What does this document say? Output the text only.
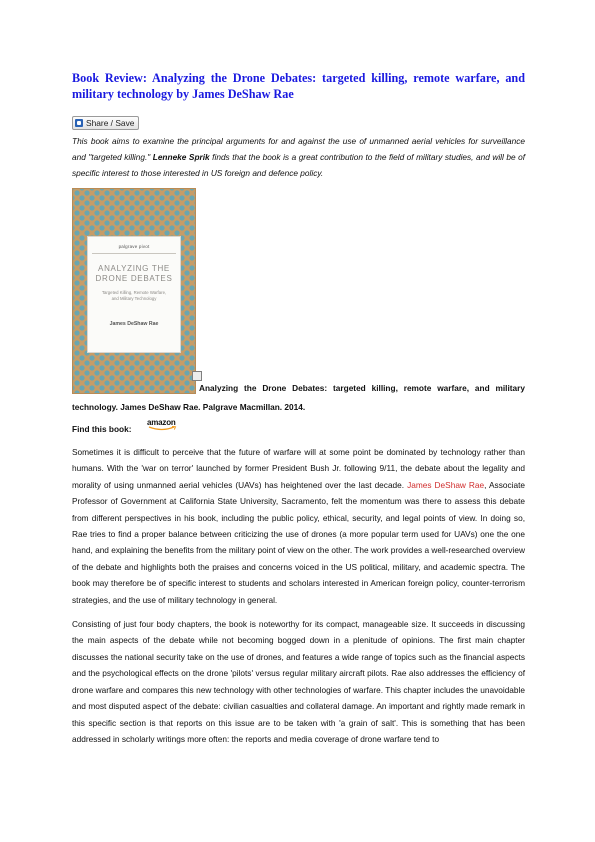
Book Review: Analyzing the Drone Debates: targeted killing, remote warfare, and military technology by James DeShaw Rae
Share / Save

This book aims to examine the principal arguments for and against the use of unmanned aerial vehicles for surveillance and "targeted killing." Lenneke Sprik finds that the book is a great contribution to the field of military studies, and will be of specific interest to those interested in US foreign and defence policy.

palgrave pivot
ANALYZING THE DRONE DEBATES
Targeted Killing, Remote Warfare, and Military Technology
James DeShaw Rae
Analyzing the Drone Debates: targeted killing, remote warfare, and military technology. James DeShaw Rae. Palgrave Macmillan. 2014.
Find this book:
amazon

Sometimes it is difficult to perceive that the future of warfare will at some point be dominated by technology rather than humans. With the 'war on terror' launched by former President Bush Jr. following 9/11, the debate about the legality and morality of using unmanned aerial vehicles (UAVs) has heightened over the last decade. James DeShaw Rae, Associate Professor of Government at California State University, Sacramento, felt the momentum was there to assess this debate from different perspectives in his book, including the public policy, ethical, security, and legal points of view. In doing so, Rae tries to find a proper balance between criticizing the use of drones (a more popular term used for UAVs) one the one hand, and explaining the benefits from the military point of view on the other. The work provides a well-researched overview of the debate and highlights both the praises and concerns voiced in the US political, military, and academic spectra. The book may therefore be of specific interest to students and scholars interested in American foreign policy, counter-terrorism strategies, and the use of military technology in general.

Consisting of just four body chapters, the book is noteworthy for its compact, manageable size. It succeeds in discussing the main aspects of the debate while not becoming bogged down in a plenitude of opinions. The first main chapter discusses the national security take on the use of drones, and features a wide range of topics such as the financial aspects and the psychological effects on the drone 'pilots' versus regular military aircraft pilots. Rae also addresses the efficiency of drone warfare and compares this new technology with other technologies of warfare. This chapter includes the unavoidable and most disputed aspect of the debate: civilian casualties and collateral damage. An important and rightly made remark in this specific section is that reports on this issue are to be taken with 'a grain of salt'. This is something that has been addressed in scholarly writings more often: the reports and media coverage of drone warfare tend to
